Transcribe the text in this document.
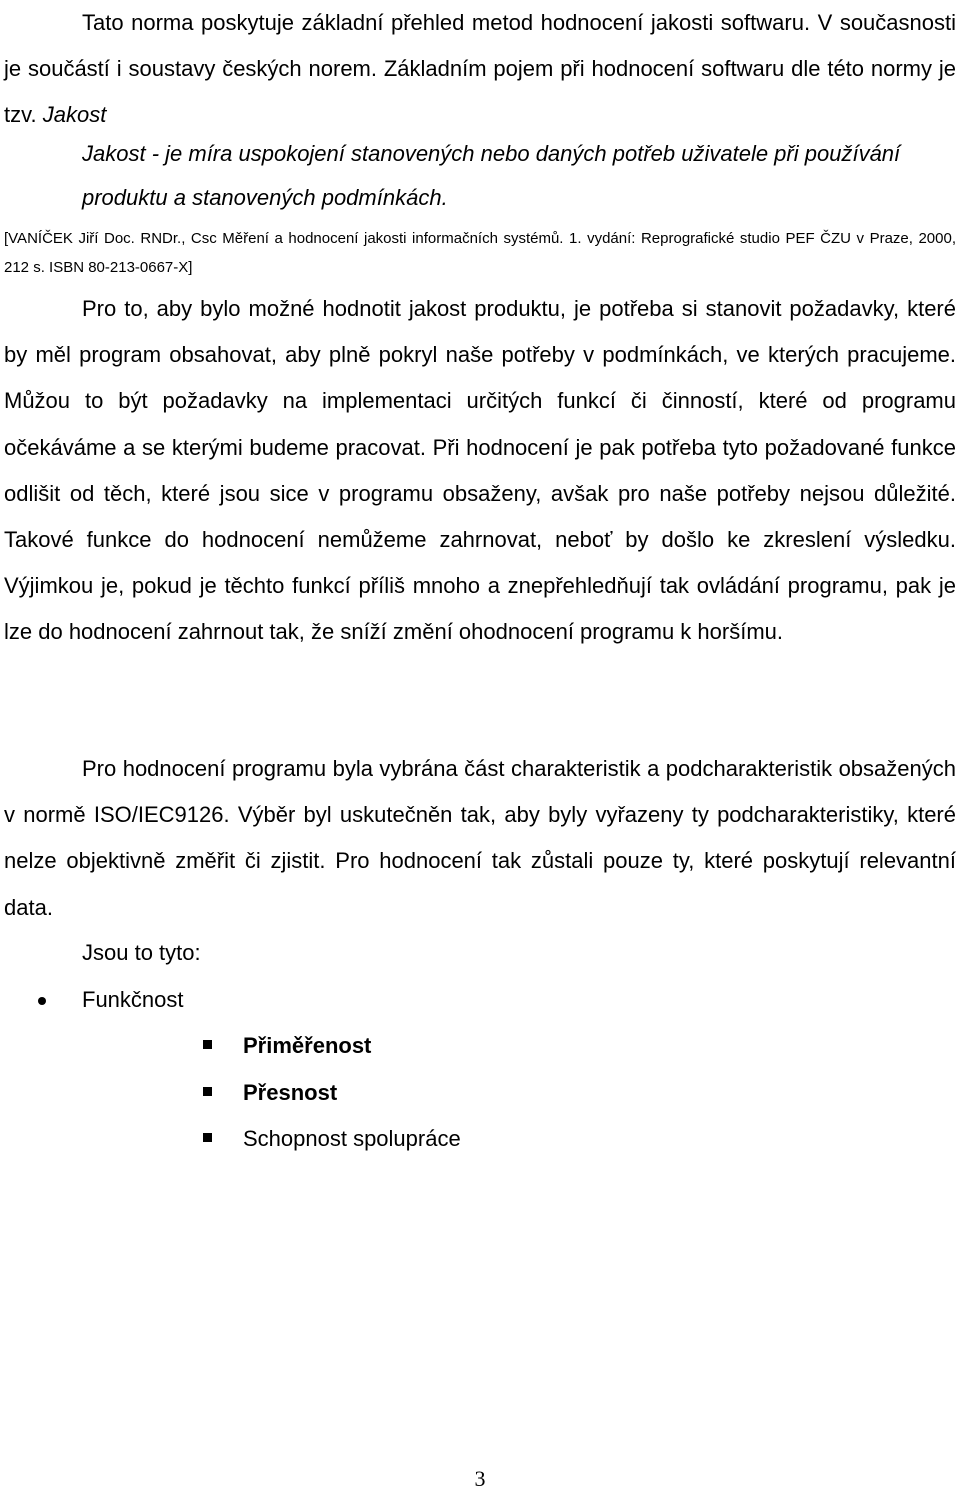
Tato norma poskytuje základní přehled metod hodnocení jakosti softwaru. V současnosti je součástí i soustavy českých norem. Základním pojem při hodnocení softwaru dle této normy je tzv. Jakost

Jakost - je míra uspokojení stanovených nebo daných potřeb uživatele při používání produktu a stanovených podmínkách.

[VANÍČEK Jiří Doc. RNDr., Csc Měření a hodnocení jakosti informačních systémů. 1. vydání: Reprografické studio PEF ČZU v Praze, 2000, 212 s. ISBN 80-213-0667-X]

Pro to, aby bylo možné hodnotit jakost produktu, je potřeba si stanovit požadavky, které by měl program obsahovat, aby plně pokryl naše potřeby v podmínkách, ve kterých pracujeme. Můžou to být požadavky na implementaci určitých funkcí či činností, které od programu očekáváme a se kterými budeme pracovat. Při hodnocení je pak potřeba tyto požadované funkce odlišit od těch, které jsou sice v programu obsaženy, avšak pro naše potřeby nejsou důležité. Takové funkce do hodnocení nemůžeme zahrnovat, neboť by došlo ke zkreslení výsledku. Výjimkou je, pokud je těchto funkcí příliš mnoho a znepřehledňují tak ovládání programu, pak je lze do hodnocení zahrnout tak, že sníží změní ohodnocení programu k horšímu.

Pro hodnocení programu byla vybrána část charakteristik a podcharakteristik obsažených v normě ISO/IEC9126. Výběr byl uskutečněn tak, aby byly vyřazeny ty podcharakteristiky, které nelze objektivně změřit či zjistit. Pro hodnocení tak zůstali pouze ty, které poskytují relevantní data.

Jsou to tyto:

Funkčnost
Přiměřenost
Přesnost
Schopnost spolupráce
3
